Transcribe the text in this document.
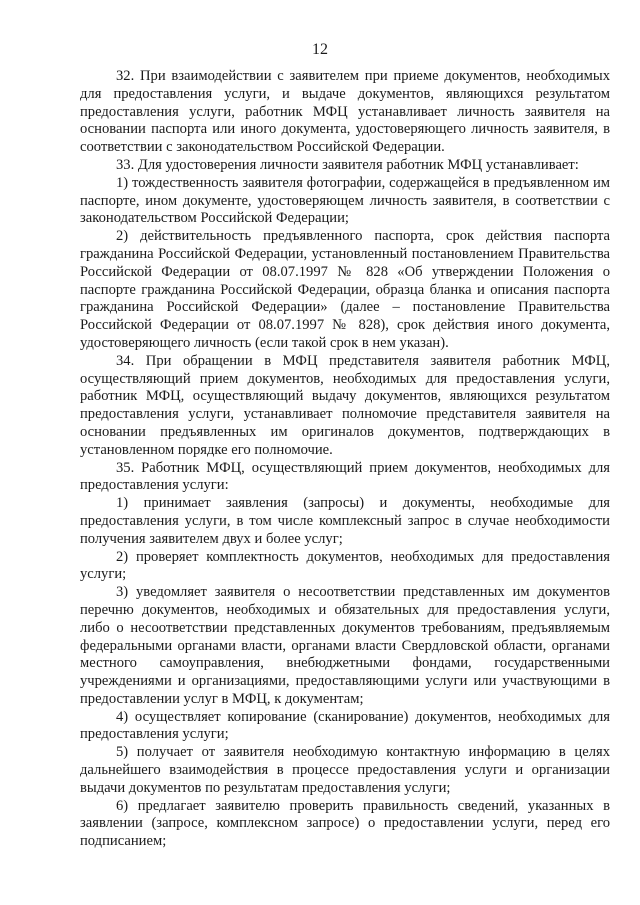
12

32. При взаимодействии с заявителем при приеме документов, необходимых для предоставления услуги, и выдаче документов, являющихся результатом предоставления услуги, работник МФЦ устанавливает личность заявителя на основании паспорта или иного документа, удостоверяющего личность заявителя, в соответствии с законодательством Российской Федерации.

33. Для удостоверения личности заявителя работник МФЦ устанавливает:

1) тождественность заявителя фотографии, содержащейся в предъявленном им паспорте, ином документе, удостоверяющем личность заявителя, в соответствии с законодательством Российской Федерации;

2) действительность предъявленного паспорта, срок действия паспорта гражданина Российской Федерации, установленный постановлением Правительства Российской Федерации от 08.07.1997 № 828 «Об утверждении Положения о паспорте гражданина Российской Федерации, образца бланка и описания паспорта гражданина Российской Федерации» (далее – постановление Правительства Российской Федерации от 08.07.1997 № 828), срок действия иного документа, удостоверяющего личность (если такой срок в нем указан).

34. При обращении в МФЦ представителя заявителя работник МФЦ, осуществляющий прием документов, необходимых для предоставления услуги, работник МФЦ, осуществляющий выдачу документов, являющихся результатом предоставления услуги, устанавливает полномочие представителя заявителя на основании предъявленных им оригиналов документов, подтверждающих в установленном порядке его полномочие.

35. Работник МФЦ, осуществляющий прием документов, необходимых для предоставления услуги:

1) принимает заявления (запросы) и документы, необходимые для предоставления услуги, в том числе комплексный запрос в случае необходимости получения заявителем двух и более услуг;

2) проверяет комплектность документов, необходимых для предоставления услуги;

3) уведомляет заявителя о несоответствии представленных им документов перечню документов, необходимых и обязательных для предоставления услуги, либо о несоответствии представленных документов требованиям, предъявляемым федеральными органами власти, органами власти Свердловской области, органами местного самоуправления, внебюджетными фондами, государственными учреждениями и организациями, предоставляющими услуги или участвующими в предоставлении услуг в МФЦ, к документам;

4) осуществляет копирование (сканирование) документов, необходимых для предоставления услуги;

5) получает от заявителя необходимую контактную информацию в целях дальнейшего взаимодействия в процессе предоставления услуги и организации выдачи документов по результатам предоставления услуги;

6) предлагает заявителю проверить правильность сведений, указанных в заявлении (запросе, комплексном запросе) о предоставлении услуги, перед его подписанием;
